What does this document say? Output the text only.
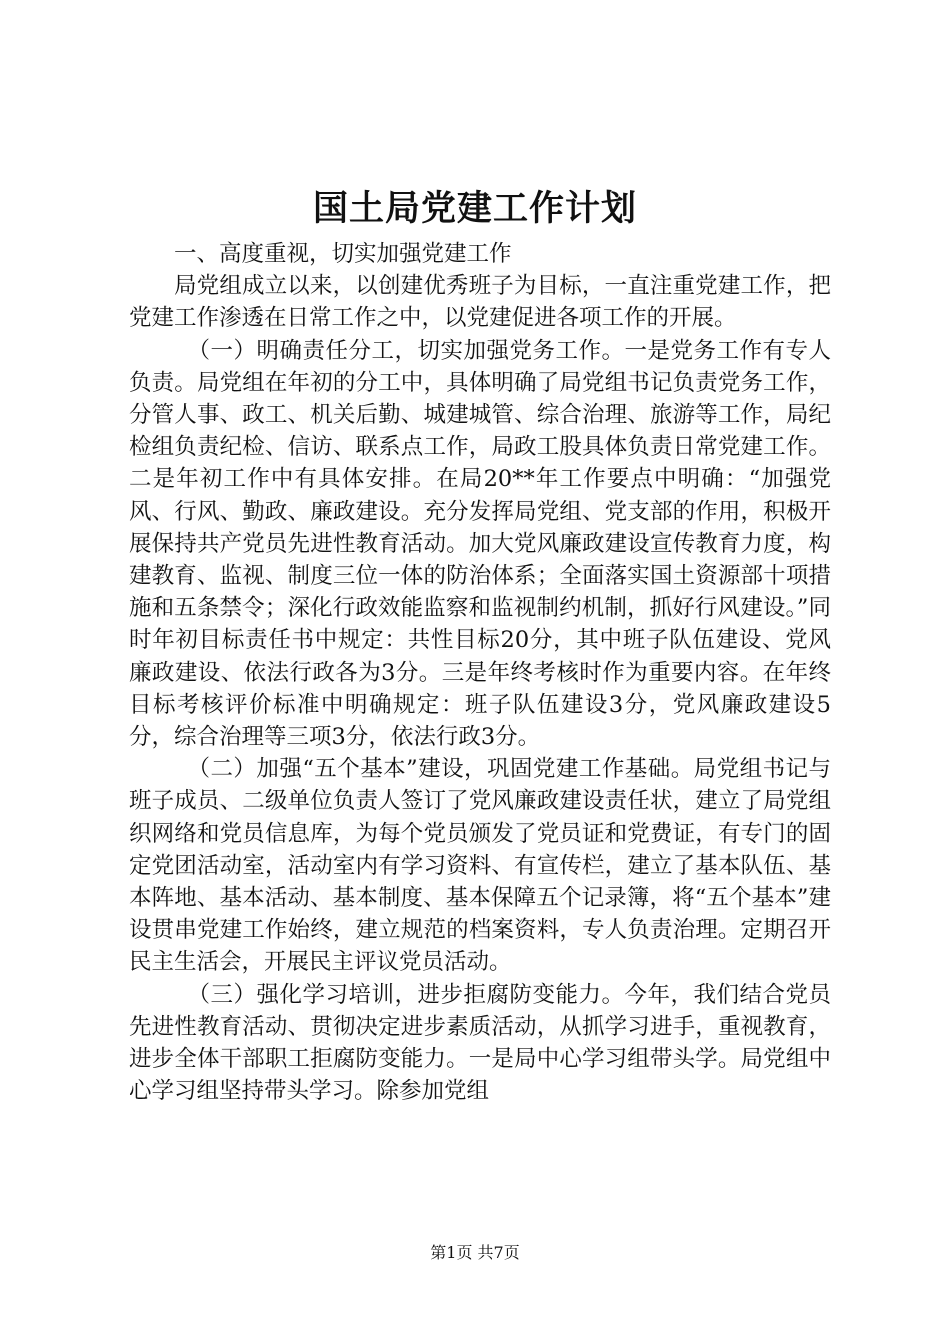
国土局党建工作计划

一、高度重视，切实加强党建工作

局党组成立以来，以创建优秀班子为目标，一直注重党建工作，把党建工作渗透在日常工作之中，以党建促进各项工作的开展。

（一）明确责任分工，切实加强党务工作。一是党务工作有专人负责。局党组在年初的分工中，具体明确了局党组书记负责党务工作，分管人事、政工、机关后勤、城建城管、综合治理、旅游等工作，局纪检组负责纪检、信访、联系点工作，局政工股具体负责日常党建工作。二是年初工作中有具体安排。在局20**年工作要点中明确：“加强党风、行风、勤政、廉政建设。充分发挥局党组、党支部的作用，积极开展保持共产党员先进性教育活动。加大党风廉政建设宣传教育力度，构建教育、监视、制度三位一体的防治体系；全面落实国土资源部十项措施和五条禁令；深化行政效能监察和监视制约机制，抓好行风建设。”同时年初目标责任书中规定：共性目标20分，其中班子队伍建设、党风廉政建设、依法行政各为3分。三是年终考核时作为重要内容。在年终目标考核评价标准中明确规定：班子队伍建设3分，党风廉政建设5分，综合治理等三项3分，依法行政3分。

（二）加强“五个基本”建设，巩固党建工作基础。局党组书记与班子成员、二级单位负责人签订了党风廉政建设责任状，建立了局党组织网络和党员信息库，为每个党员颁发了党员证和党费证，有专门的固定党团活动室，活动室内有学习资料、有宣传栏，建立了基本队伍、基本阵地、基本活动、基本制度、基本保障五个记录簿，将“五个基本”建设贯串党建工作始终，建立规范的档案资料，专人负责治理。定期召开民主生活会，开展民主评议党员活动。

（三）强化学习培训，进步拒腐防变能力。今年，我们结合党员先进性教育活动、贯彻决定进步素质活动，从抓学习进手，重视教育，进步全体干部职工拒腐防变能力。一是局中心学习组带头学。局党组中心学习组坚持带头学习。除参加党组

第1页 共7页
